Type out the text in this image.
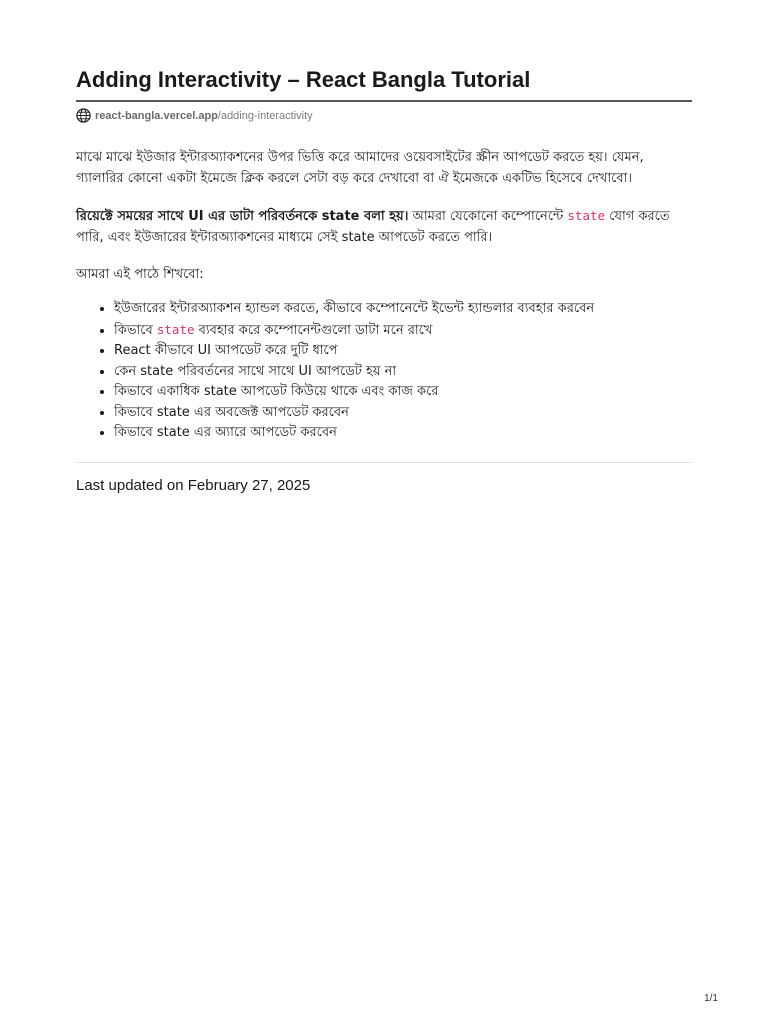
Adding Interactivity – React Bangla Tutorial
react-bangla.vercel.app /adding-interactivity

মাঝে মাঝে ইউজার ইন্টারঅ্যাকশনের উপর ভিত্তি করে আমাদের ওয়েবসাইটের স্ক্রীন আপডেট করতে হয়। যেমন, গ্যালারির কোনো একটা ইমেজে ক্লিক করলে সেটা বড় করে দেখাবো বা ঐ ইমেজকে একটিভ হিসেবে দেখাবো।

রিয়েক্টে সময়ের সাথে UI এর ডাটা পরিবর্তনকে state বলা হয়। আমরা যেকোনো কম্পোনেন্টে state যোগ করতে পারি, এবং ইউজারের ইন্টারঅ্যাকশনের মাধ্যমে সেই state আপডেট করতে পারি।

আমরা এই পাঠে শিখবো:

• ইউজারের ইন্টারঅ্যাকশন হ্যান্ডল করতে, কীভাবে কম্পোনেন্টে ইভেন্ট হ্যান্ডলার ব্যবহার করবেন
• কিভাবে state ব্যবহার করে কম্পোনেন্টগুলো ডাটা মনে রাখে
• React কীভাবে UI আপডেট করে দুটি ধাপে
• কেন state পরিবর্তনের সাথে সাথে UI আপডেট হয় না
• কিভাবে একাধিক state আপডেট কিউয়ে থাকে এবং কাজ করে
• কিভাবে state এর অবজেক্ট আপডেট করবেন
• কিভাবে state এর অ্যারে আপডেট করবেন
Last updated on February 27, 2025
1/1
